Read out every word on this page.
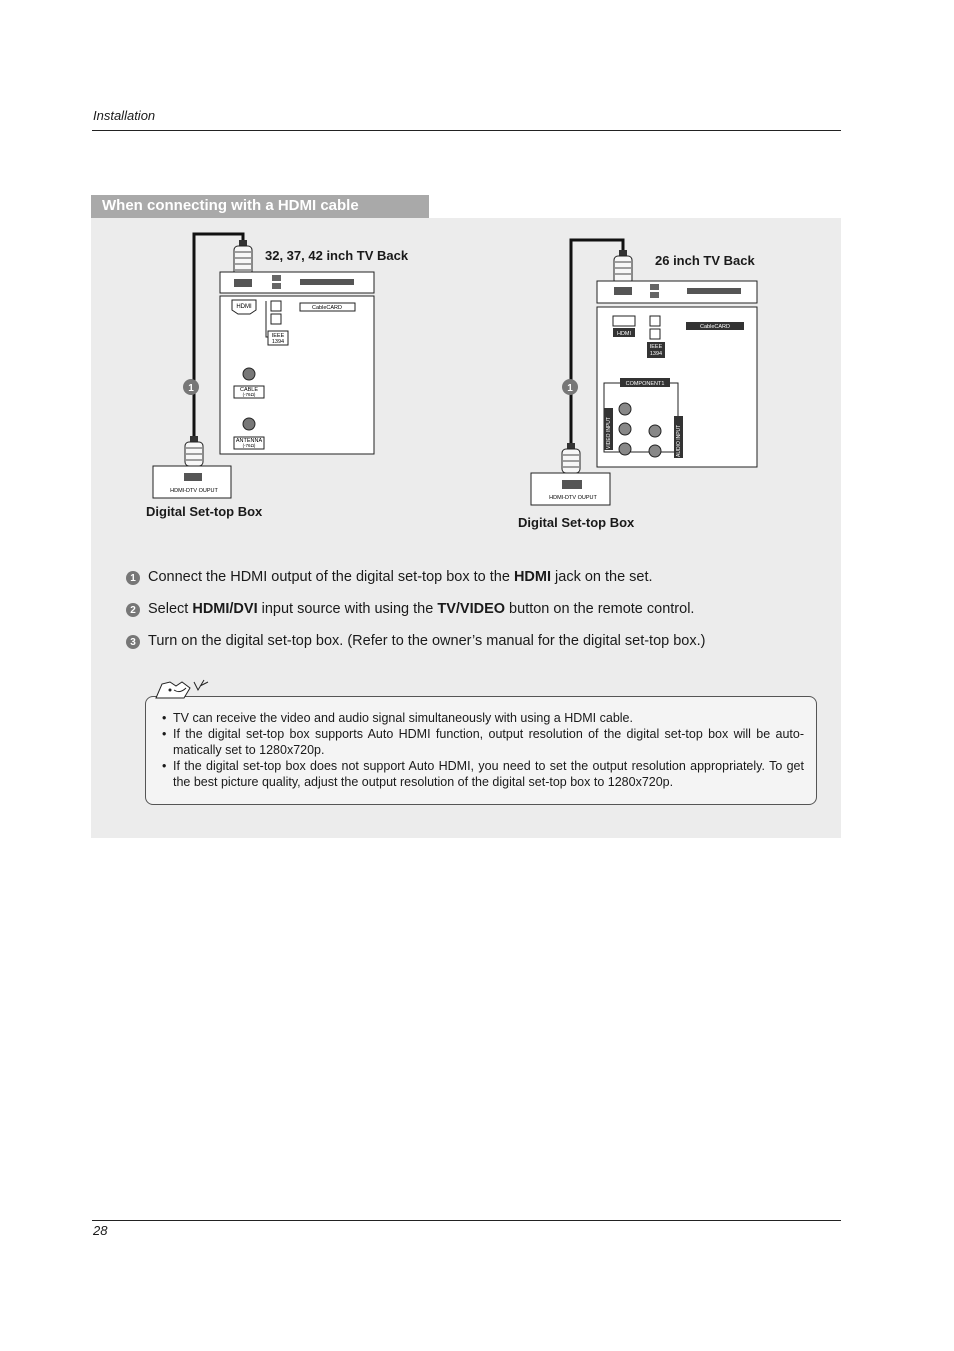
Installation
When connecting with a HDMI cable
1
HDMI
IEEE
1394
CableCARD
CABLE
(-76Ω)
ANTENNA
(-76Ω)
HDMI-DTV OUPUT
1
HDMI
IEEE
1394
CableCARD
COMPONENT1
VIDEO INPUT	AUDIO INPUT
HDMI-DTV OUPUT
32, 37, 42 inch TV Back
Digital Set-top Box
26 inch TV Back
Digital Set-top Box
1 Connect the HDMI output of the digital set-top box to the HDMI jack on the set.
2 Select HDMI/DVI input source with using the TV/VIDEO button on the remote control.
3 Turn on the digital set-top box. (Refer to the owner’s manual for the digital set-top box.)
• TV can receive the video and audio signal simultaneously with using a HDMI cable.
• If the digital set-top box supports Auto HDMI function, output resolution of the digital set-top box will be auto-matically set to 1280x720p.
• If the digital set-top box does not support Auto HDMI, you need to set the output resolution appropriately. To get the best picture quality, adjust the output resolution of the digital set-top box to 1280x720p.
28
